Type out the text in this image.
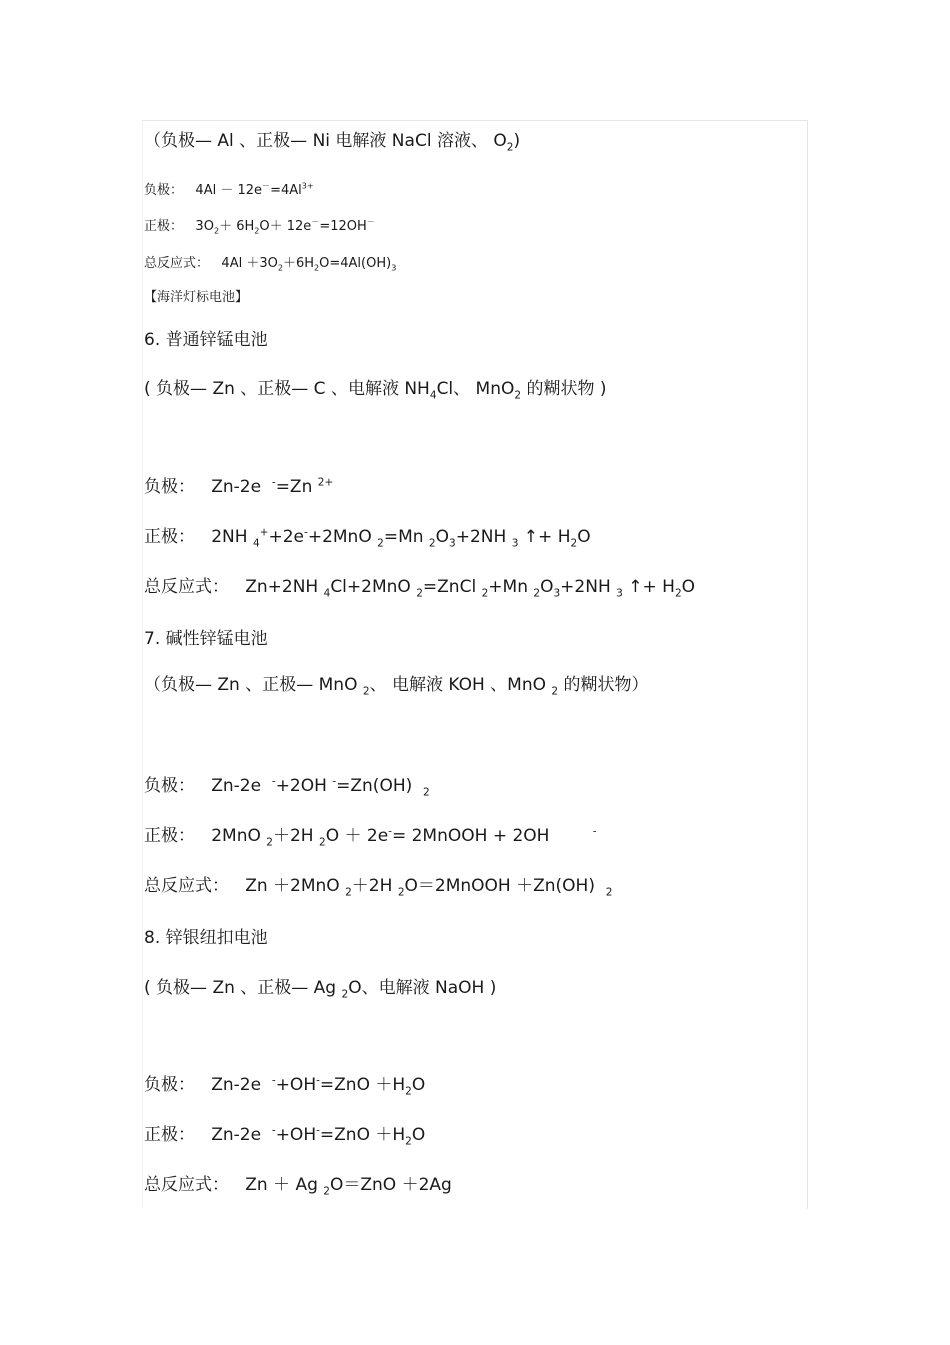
（负极— Al 、正极— Ni 电解液 NaCl 溶液、 $O_2$)
负极： $4Al - 12e^-=4Al^{3+}$
正极： $3O_2+ 6H_2O+ 12e^-=12OH^-$
总反应式： $4Al +3O_2+6H_2O=4Al(OH)_3$
【海洋灯标电池】
6. 普通锌锰电池
( 负极— Zn 、正极— C 、电解液 $NH_4Cl$、 MnO$_2$ 的糊状物 )
负极： Zn-2e -=Zn $^{2+}$
正极： 2NH $_4$++2e-+2MnO $_2$=Mn $_2O_3+2NH$ $_3$ ↑+ $H_2O$
总反应式： Zn+2NH $_4$Cl+2MnO $_2$=ZnCl $_2$+Mn $_2O_3+2NH$ $_3$ ↑+ $H_2O$
7. 碱性锌锰电池
（负极— Zn 、正极— MnO $_2$、 电解液 KOH 、MnO $_2$ 的糊状物）
负极： Zn-2e -+2OH -=Zn(OH) $_2$
正极： 2MnO $_2$＋2H $_2$O ＋ 2e-= 2MnOOH + 2OH	-
总反应式： Zn ＋2MnO $_2$＋2H $_2$O＝2MnOOH ＋Zn(OH) $_2$
8. 锌银纽扣电池
( 负极— Zn 、正极— Ag $_2$O、电解液 NaOH )
负极： Zn-2e $^-+OH^-=ZnO +H_2O$
正极： Zn-2e $^-+OH^-=ZnO +H_2O$
总反应式： Zn ＋ Ag $_2$O＝ZnO ＋2Ag
